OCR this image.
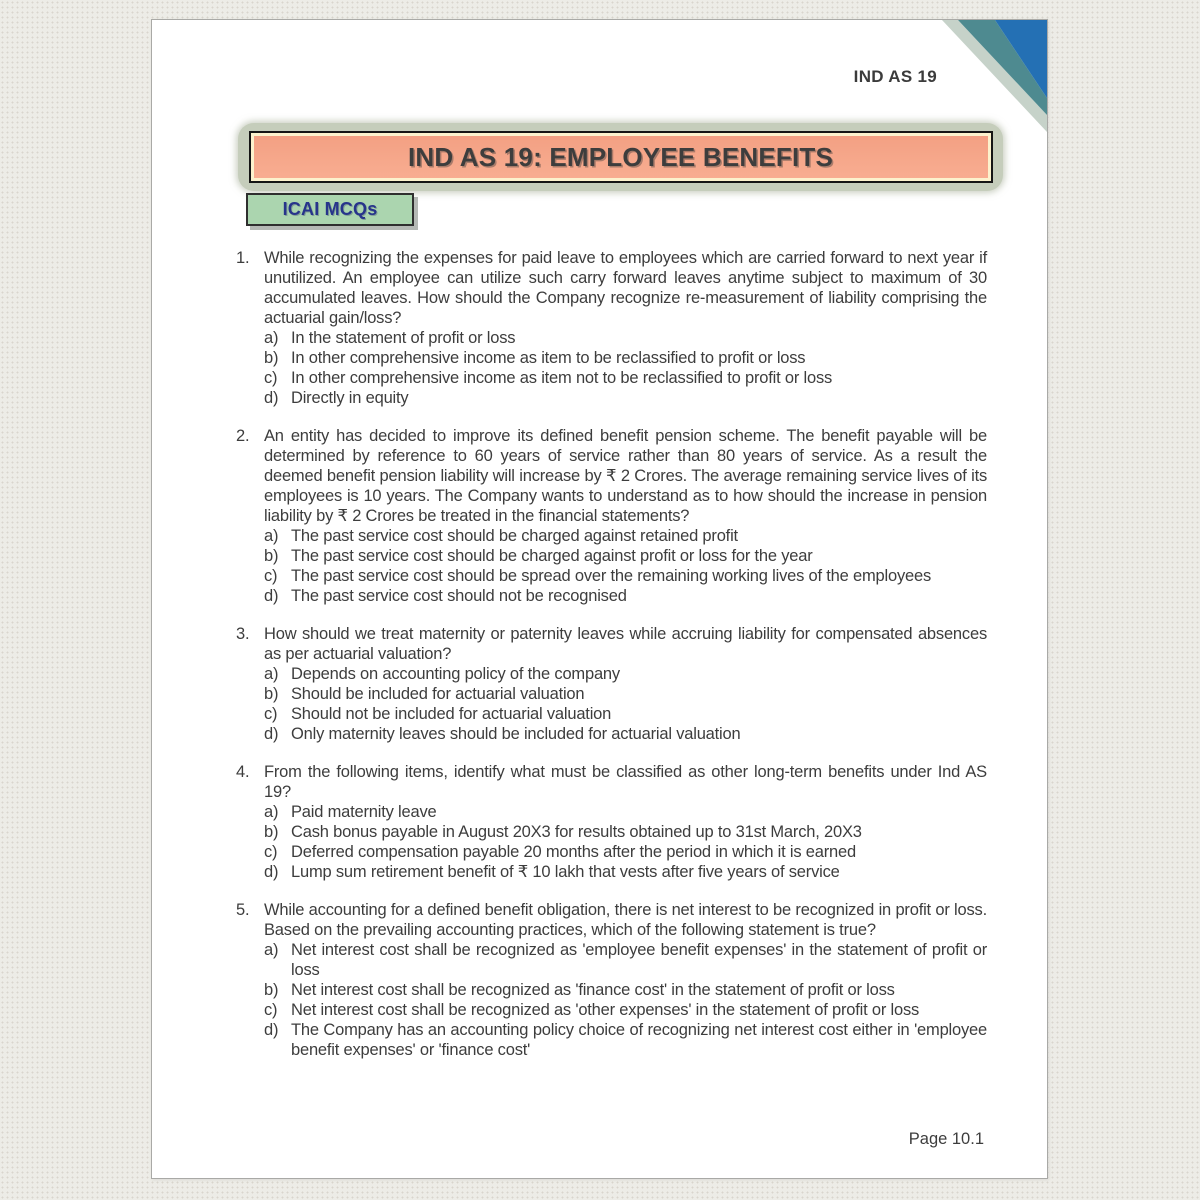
IND AS 19
IND AS 19: EMPLOYEE BENEFITS
ICAI MCQs
1. While recognizing the expenses for paid leave to employees which are carried forward to next year if unutilized. An employee can utilize such carry forward leaves anytime subject to maximum of 30 accumulated leaves. How should the Company recognize re-measurement of liability comprising the actuarial gain/loss?
a) In the statement of profit or loss
b) In other comprehensive income as item to be reclassified to profit or loss
c) In other comprehensive income as item not to be reclassified to profit or loss
d) Directly in equity
2. An entity has decided to improve its defined benefit pension scheme. The benefit payable will be determined by reference to 60 years of service rather than 80 years of service. As a result the deemed benefit pension liability will increase by ₹ 2 Crores. The average remaining service lives of its employees is 10 years. The Company wants to understand as to how should the increase in pension liability by ₹ 2 Crores be treated in the financial statements?
a) The past service cost should be charged against retained profit
b) The past service cost should be charged against profit or loss for the year
c) The past service cost should be spread over the remaining working lives of the employees
d) The past service cost should not be recognised
3. How should we treat maternity or paternity leaves while accruing liability for compensated absences as per actuarial valuation?
a) Depends on accounting policy of the company
b) Should be included for actuarial valuation
c) Should not be included for actuarial valuation
d) Only maternity leaves should be included for actuarial valuation
4. From the following items, identify what must be classified as other long-term benefits under Ind AS 19?
a) Paid maternity leave
b) Cash bonus payable in August 20X3 for results obtained up to 31st March, 20X3
c) Deferred compensation payable 20 months after the period in which it is earned
d) Lump sum retirement benefit of ₹ 10 lakh that vests after five years of service
5. While accounting for a defined benefit obligation, there is net interest to be recognized in profit or loss. Based on the prevailing accounting practices, which of the following statement is true?
a) Net interest cost shall be recognized as 'employee benefit expenses' in the statement of profit or loss
b) Net interest cost shall be recognized as 'finance cost' in the statement of profit or loss
c) Net interest cost shall be recognized as 'other expenses' in the statement of profit or loss
d) The Company has an accounting policy choice of recognizing net interest cost either in 'employee benefit expenses' or 'finance cost'
Page 10.1
